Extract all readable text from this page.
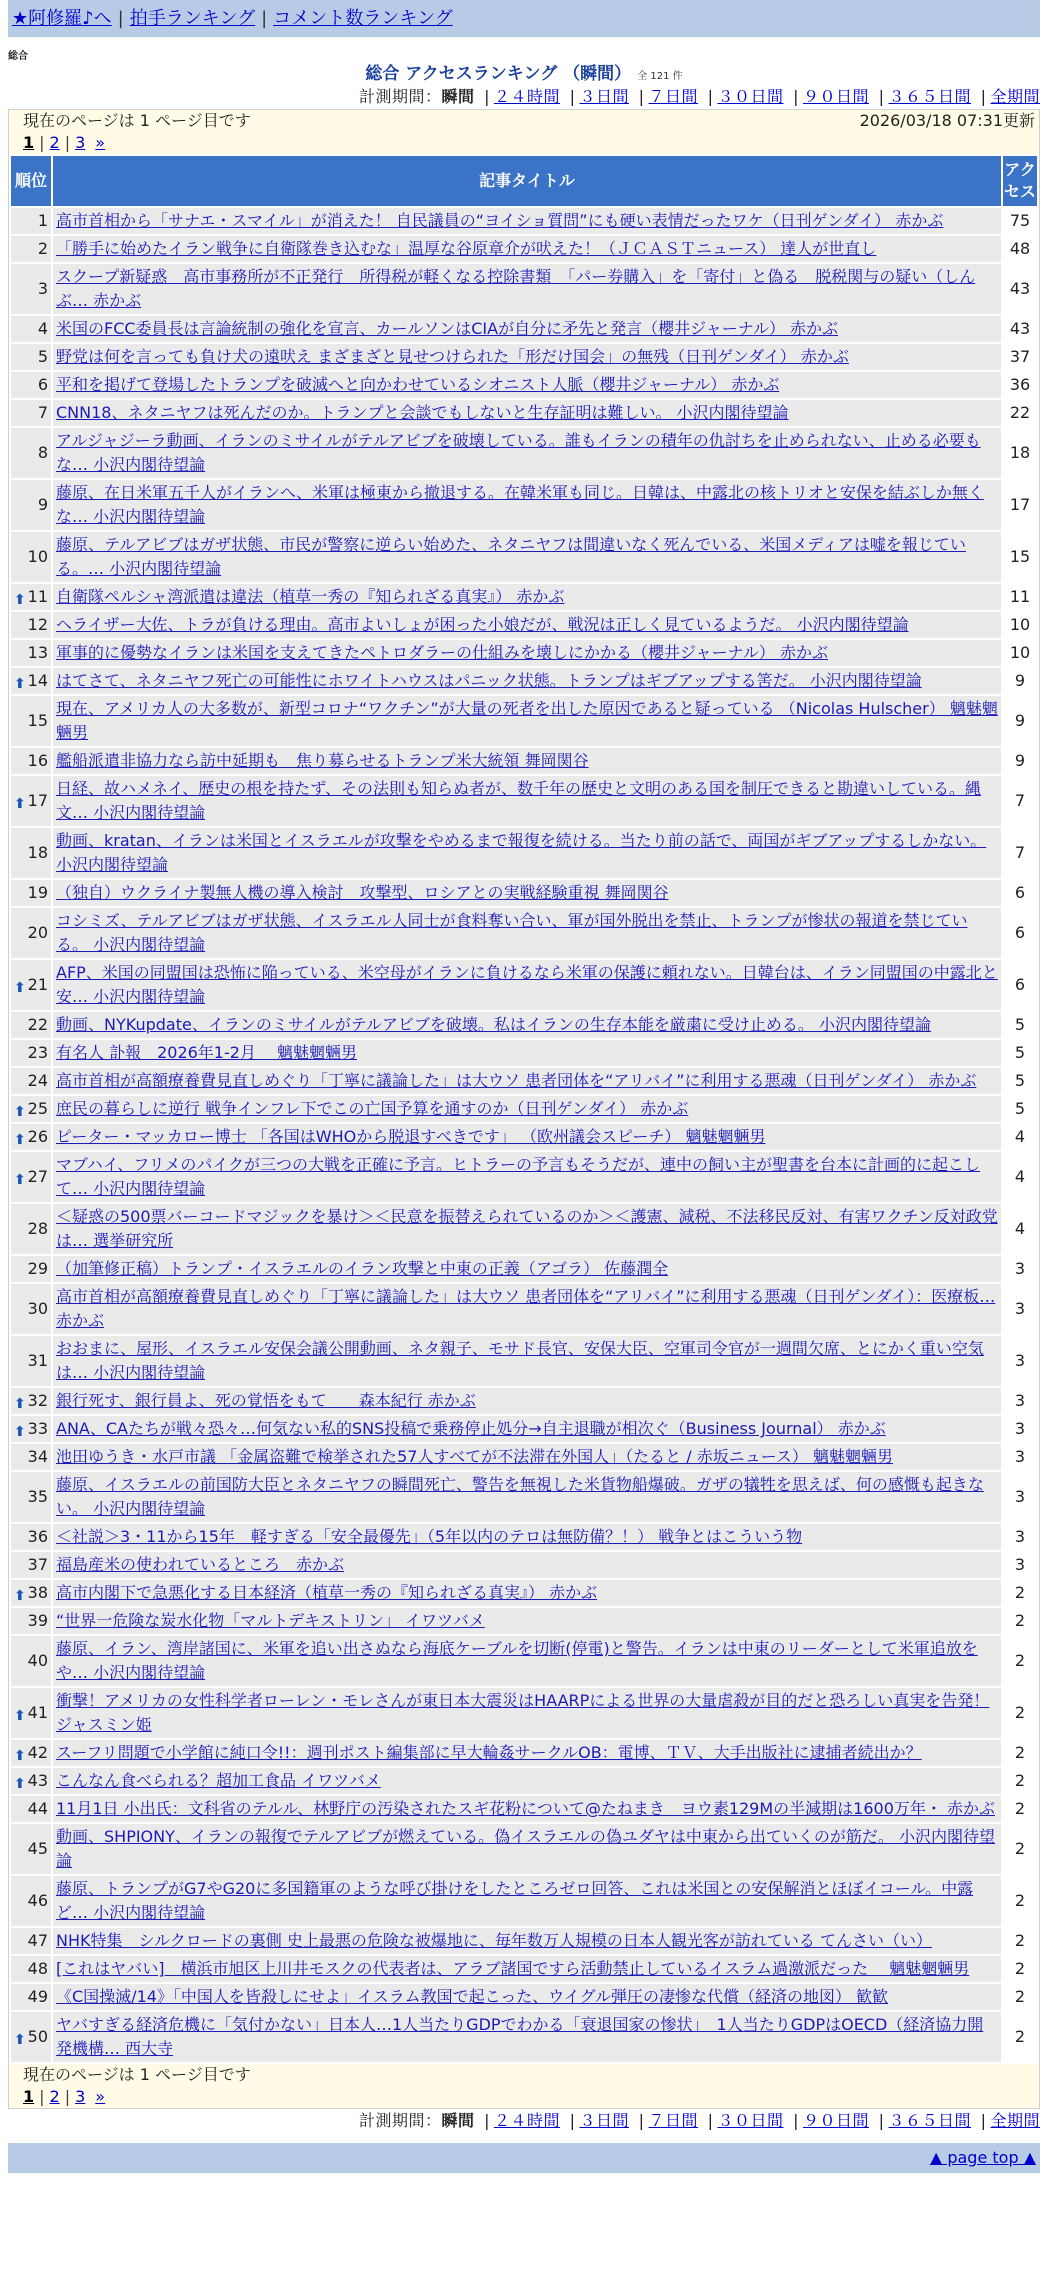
★阿修羅♪へ | 拍手ランキング | コメント数ランキング
総合
総合 アクセスランキング （瞬間） 全 121 件
計測期間：瞬間 | ２４時間 | ３日間 | ７日間 | ３０日間 | ９０日間 | ３６５日間 | 全期間
現在のページは 1 ページ目です	2026/03/18 07:31更新
1 | 2 | 3 »
順位	記事タイトル	アクセス
1	高市首相から「サナエ・スマイル」が消えた！ 自民議員の“ヨイショ質問”にも硬い表情だったワケ（日刊ゲンダイ） 赤かぶ	75
2	「勝手に始めたイラン戦争に自衛隊巻き込むな」温厚な谷原章介が吠えた！（ＪＣＡＳＴニュース） 達人が世直し	48
3	スクープ新疑惑　高市事務所が不正発行　所得税が軽くなる控除書類　「パー券購入」を「寄付」と偽る　脱税関与の疑い（しんぶ… 赤かぶ	43
4	米国のFCC委員長は言論統制の強化を宣言、カールソンはCIAが自分に矛先と発言（櫻井ジャーナル） 赤かぶ	43
5	野党は何を言っても負け犬の遠吠え まざまざと見せつけられた「形だけ国会」の無残（日刊ゲンダイ） 赤かぶ	37
6	平和を掲げて登場したトランプを破滅へと向かわせているシオニスト人脈（櫻井ジャーナル） 赤かぶ	36
7	CNN18、ネタニヤフは死んだのか。トランプと会談でもしないと生存証明は難しい。 小沢内閣待望論	22
8	アルジャジーラ動画、イランのミサイルがテルアビブを破壊している。誰もイランの積年の仇討ちを止められない、止める必要もな… 小沢内閣待望論	18
9	藤原、在日米軍五千人がイランへ、米軍は極東から撤退する。在韓米軍も同じ。日韓は、中露北の核トリオと安保を結ぶしか無くな… 小沢内閣待望論	17
10	藤原、テルアビブはガザ状態、市民が警察に逆らい始めた、ネタニヤフは間違いなく死んでいる、米国メディアは嘘を報じている。… 小沢内閣待望論	15

⬆ 11	自衛隊ペルシャ湾派遣は違法（植草一秀の『知られざる真実』） 赤かぶ	11
12	ヘライザー大佐、トラが負ける理由。高市よいしょが困った小娘だが、戦況は正しく見ているようだ。 小沢内閣待望論	10
13	軍事的に優勢なイランは米国を支えてきたペトロダラーの仕組みを壊しにかかる（櫻井ジャーナル） 赤かぶ	10

⬆ 14	はてさて、ネタニヤフ死亡の可能性にホワイトハウスはパニック状態。トランプはギブアップする筈だ。 小沢内閣待望論	9
15	現在、アメリカ人の大多数が、新型コロナ“ワクチン”が大量の死者を出した原因であると疑っている （Nicolas Hulscher） 魑魅魍魎男	9
16	艦船派遣非協力なら訪中延期も　焦り募らせるトランプ米大統領 舞岡関谷	9

⬆ 17	日経、故ハメネイ、歴史の根を持たず、その法則も知らぬ者が、数千年の歴史と文明のある国を制圧できると勘違いしている。縄文… 小沢内閣待望論	7
18	動画、kratan、イランは米国とイスラエルが攻撃をやめるまで報復を続ける。当たり前の話で、両国がギブアップするしかない。 小沢内閣待望論	7
19	（独自）ウクライナ製無人機の導入検討　攻撃型、ロシアとの実戦経験重視 舞岡関谷	6
20	コシミズ、テルアビブはガザ状態、イスラエル人同士が食料奪い合い、軍が国外脱出を禁止、トランプが惨状の報道を禁じている。 小沢内閣待望論	6

⬆ 21	AFP、米国の同盟国は恐怖に陥っている、米空母がイランに負けるなら米軍の保護に頼れない。日韓台は、イラン同盟国の中露北と安… 小沢内閣待望論	6
22	動画、NYKupdate、イランのミサイルがテルアビブを破壊。私はイランの生存本能を厳粛に受け止める。 小沢内閣待望論	5
23	有名人 訃報　2026年1-2月　 魑魅魍魎男	5
24	高市首相が高額療養費見直しめぐり「丁寧に議論した」は大ウソ 患者団体を“アリバイ”に利用する悪魂（日刊ゲンダイ） 赤かぶ	5

⬆ 25	庶民の暮らしに逆行 戦争インフレ下でこの亡国予算を通すのか（日刊ゲンダイ） 赤かぶ	5

⬆ 26	ピーター・マッカロー博士 「各国はWHOから脱退すべきです」 （欧州議会スピーチ） 魑魅魍魎男	4

⬆ 27	マブハイ、フリメのパイクが三つの大戦を正確に予言。ヒトラーの予言もそうだが、連中の飼い主が聖書を台本に計画的に起こして… 小沢内閣待望論	4
28	＜疑惑の500票バーコードマジックを暴け＞＜民意を振替えられているのか＞＜護憲、減税、不法移民反対、有害ワクチン反対政党は… 選挙研究所	4
29	（加筆修正稿）トランプ・イスラエルのイラン攻撃と中東の正義（アゴラ） 佐藤潤全	3
30	高市首相が高額療養費見直しめぐり「丁寧に議論した」は大ウソ 患者団体を“アリバイ”に利用する悪魂（日刊ゲンダイ）：医療板… 赤かぶ	3
31	おおまに、屋形、イスラエル安保会議公開動画、ネタ親子、モサド長官、安保大臣、空軍司令官が一週間欠席、とにかく重い空気は… 小沢内閣待望論	3

⬆ 32	銀行死す、銀行員よ、死の覚悟をもて　　森本紀行 赤かぶ	3

⬆ 33	ANA、CAたちが戦々恐々…何気ない私的SNS投稿で乗務停止処分→自主退職が相次ぐ（Business Journal） 赤かぶ	3
34	池田ゆうき・水戸市議 「金属盗難で検挙された57人すべてが不法滞在外国人」（たると / 赤坂ニュース） 魑魅魍魎男	3
35	藤原、イスラエルの前国防大臣とネタニヤフの瞬間死亡、警告を無視した米貨物船爆破。ガザの犠牲を思えば、何の感慨も起きない。 小沢内閣待望論	3
36	＜社説＞3・11から15年　軽すぎる「安全最優先」（5年以内のテロは無防備？！） 戦争とはこういう物	3
37	福島産米の使われているところ　赤かぶ	3

⬆ 38	高市内閣下で急悪化する日本経済（植草一秀の『知られざる真実』） 赤かぶ	2
39	“世界一危険な炭水化物「マルトデキストリン」 イワツバメ	2
40	藤原、イラン、湾岸諸国に、米軍を追い出さぬなら海底ケーブルを切断(停電)と警告。イランは中東のリーダーとして米軍追放をや… 小沢内閣待望論	2

⬆ 41	衝撃！アメリカの女性科学者ローレン・モレさんが東日本大震災はHAARPによる世界の大量虐殺が目的だと恐ろしい真実を告発！ ジャスミン姫	2

⬆ 42	スーフリ問題で小学館に純口令!!：週刊ポスト編集部に早大輪姦サークルOB：電博、ＴＶ、大手出版社に逮捕者続出か？	2

⬆ 43	こんなん食べられる？超加工食品 イワツバメ	2
44	11月1日 小出氏：文科省のテルル、林野庁の汚染されたスギ花粉について@たねまき　ヨウ素129Mの半減期は1600万年・ 赤かぶ	2
45	動画、SHPIONY、イランの報復でテルアビブが燃えている。偽イスラエルの偽ユダヤは中東から出ていくのが筋だ。 小沢内閣待望論	2
46	藤原、トランプがG7やG20に多国籍軍のような呼び掛けをしたところゼロ回答、これは米国との安保解消とほぼイコール。中露ど… 小沢内閣待望論	2
47	NHK特集　シルクロードの裏側 史上最悪の危険な被爆地に、毎年数万人規模の日本人観光客が訪れている てんさい（い）	2
48	[これはヤバい]　横浜市旭区上川井モスクの代表者は、アラブ諸国ですら活動禁止しているイスラム過激派だった　 魑魅魍魎男	2
49	《C国操滅/14》「中国人を皆殺しにせよ」イスラム教国で起こった、ウイグル弾圧の凄惨な代償（経済の地図） 歓歓	2

⬆ 50	ヤバすぎる経済危機に「気付かない」日本人…1人当たりGDPでわかる「衰退国家の惨状」　1人当たりGDPはOECD（経済協力開発機構… 西大寺	2
現在のページは 1 ページ目です
1 | 2 | 3 »
計測期間：瞬間 | ２４時間 | ３日間 | ７日間 | ３０日間 | ９０日間 | ３６５日間 | 全期間
▲ page top ▲
